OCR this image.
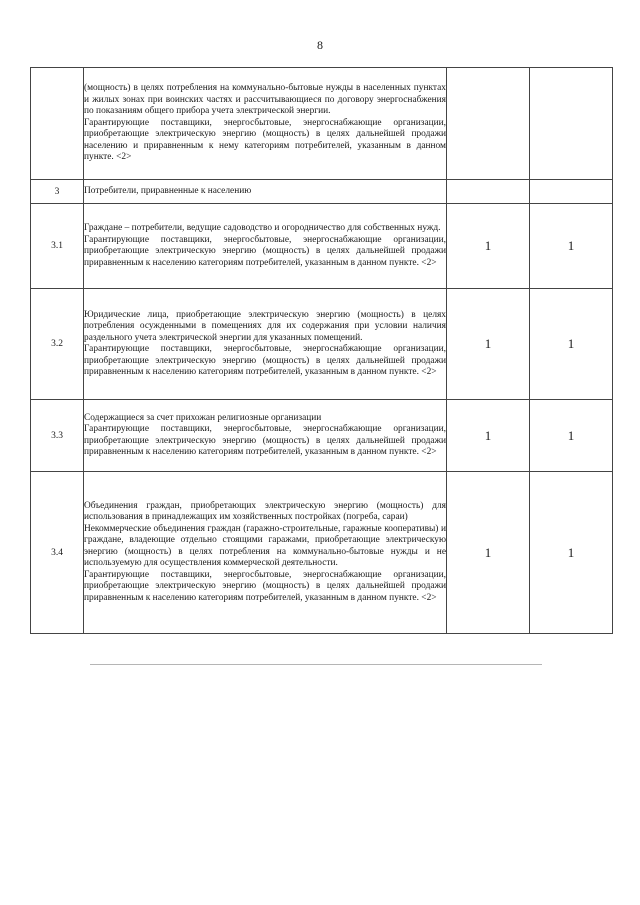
8

	(мощность) в целях потребления на коммунально-бытовые нужды в населенных пунктах и жилых зонах при воинских частях и рассчитывающиеся по договору энергоснабжения по показаниям общего прибора учета электрической энергии.

Гарантирующие поставщики, энергосбытовые, энергоснабжающие организации, приобретающие электрическую энергию (мощность) в целях дальнейшей продажи населению и приравненным к нему категориям потребителей, указанным в данном пункте. <2>		

3	Потребители, приравненные к населению		

3.1	Граждане – потребители, ведущие садоводство и огородничество для собственных нужд.

Гарантирующие поставщики, энергосбытовые, энергоснабжающие организации, приобретающие электрическую энергию (мощность) в целях дальнейшей продажи приравненным к населению категориям потребителей, указанным в данном пункте. <2>	1	1
3.2	Юридические лица, приобретающие электрическую энергию (мощность) в целях потребления осужденными в помещениях для их содержания при условии наличия раздельного учета электрической энергии для указанных помещений.

Гарантирующие поставщики, энергосбытовые, энергоснабжающие организации, приобретающие электрическую энергию (мощность) в целях дальнейшей продажи приравненным к населению категориям потребителей, указанным в данном пункте. <2>	1	1
3.3	Содержащиеся за счет прихожан религиозные организации

Гарантирующие поставщики, энергосбытовые, энергоснабжающие организации, приобретающие электрическую энергию (мощность) в целях дальнейшей продажи приравненным к населению категориям потребителей, указанным в данном пункте. <2>	1	1
3.4	Объединения граждан, приобретающих электрическую энергию (мощность) для использования в принадлежащих им хозяйственных постройках (погреба, сараи)

Некоммерческие объединения граждан (гаражно-строительные, гаражные кооперативы) и граждане, владеющие отдельно стоящими гаражами, приобретающие электрическую энергию (мощность) в целях потребления на коммунально-бытовые нужды и не используемую для осуществления коммерческой деятельности.

Гарантирующие поставщики, энергосбытовые, энергоснабжающие организации, приобретающие электрическую энергию (мощность) в целях дальнейшей продажи приравненным к населению категориям потребителей, указанным в данном пункте. <2>	1	1
